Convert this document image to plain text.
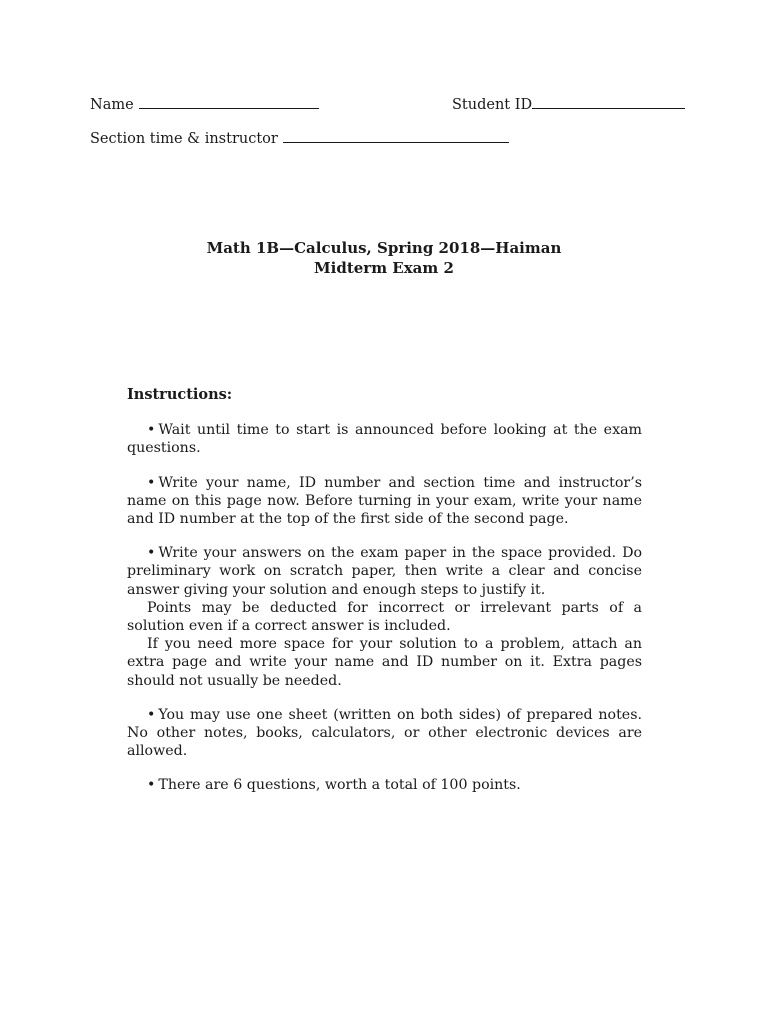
Name	Student ID
Section time & instructor
Math 1B—Calculus, Spring 2018—Haiman
Midterm Exam 2
Instructions:

• Wait until time to start is announced before looking at the exam questions.

• Write your name, ID number and section time and instructor’s name on this page now. Before turning in your exam, write your name and ID number at the top of the first side of the second page.

• Write your answers on the exam paper in the space provided. Do preliminary work on scratch paper, then write a clear and concise answer giving your solution and enough steps to justify it.

Points may be deducted for incorrect or irrelevant parts of a solution even if a correct answer is included.

If you need more space for your solution to a problem, attach an extra page and write your name and ID number on it. Extra pages should not usually be needed.

• You may use one sheet (written on both sides) of prepared notes. No other notes, books, calculators, or other electronic devices are allowed.

• There are 6 questions, worth a total of 100 points.
